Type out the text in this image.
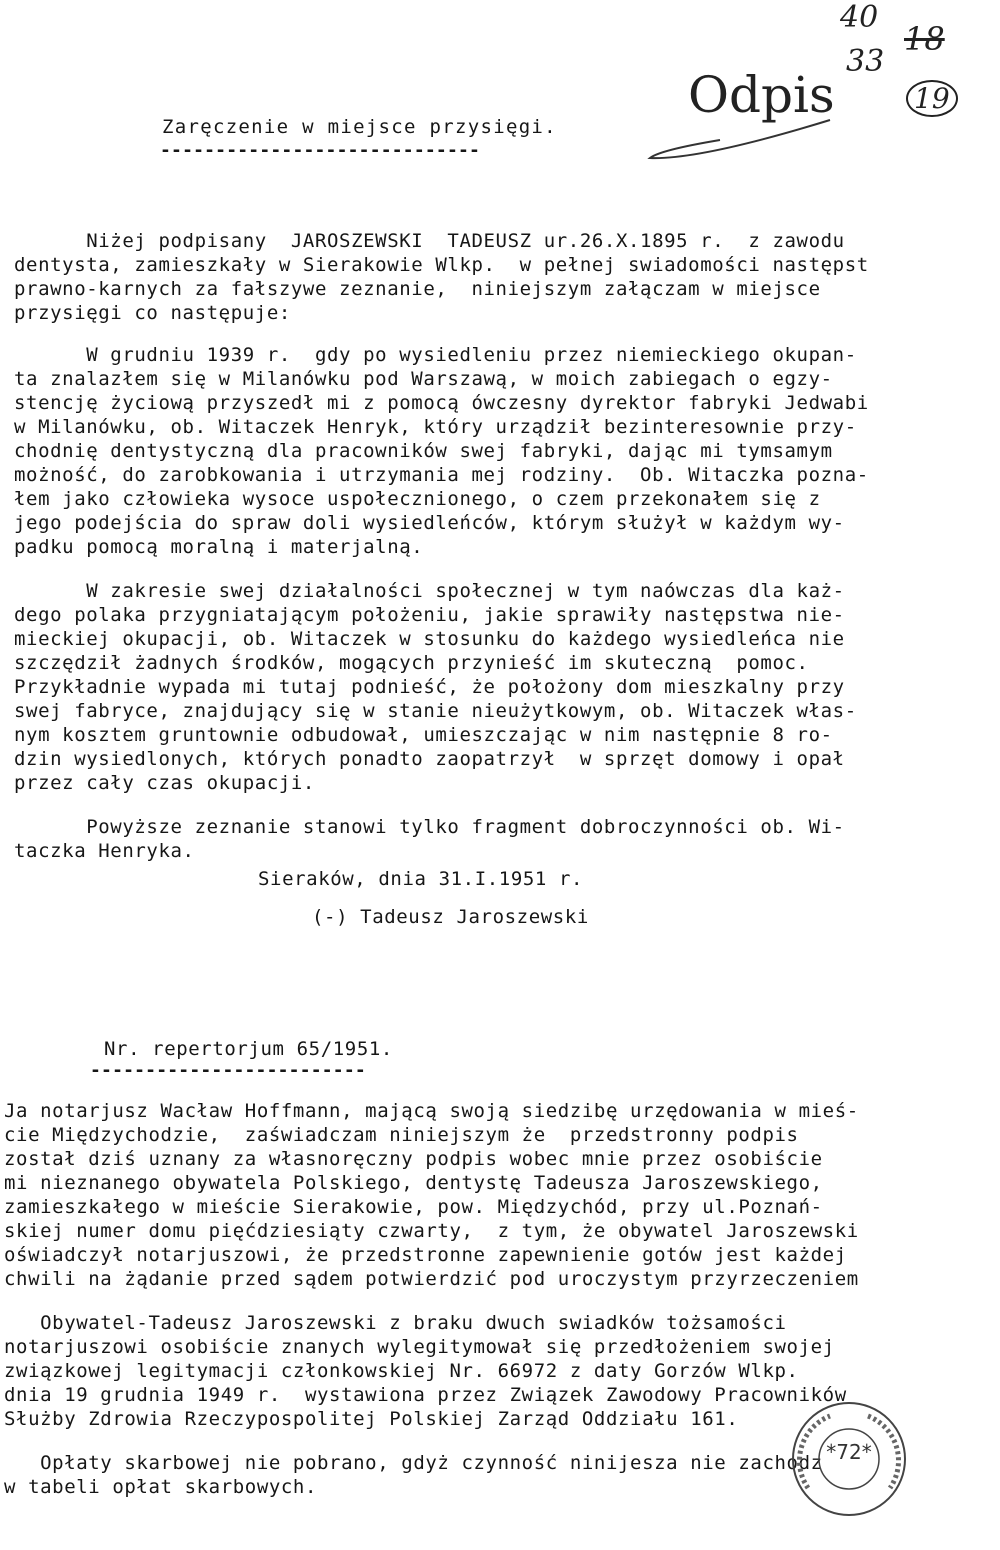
40
33
18
19
Odpis
Zaręczenie w miejsce przysięgi.
-----------------------------
Niżej podpisany  JAROSZEWSKI  TADEUSZ ur.26.X.1895 r.  z zawodu
dentysta, zamieszkały w Sierakowie Wlkp.  w pełnej swiadomości następst
prawno-karnych za fałszywe zeznanie,  niniejszym załączam w miejsce
przysięgi co następuje:
W grudniu 1939 r.  gdy po wysiedleniu przez niemieckiego okupan-
ta znalazłem się w Milanówku pod Warszawą, w moich zabiegach o egzy-
stencję życiową przyszedł mi z pomocą ówczesny dyrektor fabryki Jedwabi
w Milanówku, ob. Witaczek Henryk, który urządził bezinteresownie przy-
chodnię dentystyczną dla pracowników swej fabryki, dając mi tymsamym
możność, do zarobkowania i utrzymania mej rodziny.  Ob. Witaczka pozna-
łem jako człowieka wysoce uspołecznionego, o czem przekonałem się z
jego podejścia do spraw doli wysiedleńców, którym służył w każdym wy-
padku pomocą moralną i materjalną.
W zakresie swej działalności społecznej w tym naówczas dla każ-
dego polaka przygniatającym położeniu, jakie sprawiły następstwa nie-
mieckiej okupacji, ob. Witaczek w stosunku do każdego wysiedleńca nie
szczędził żadnych środków, mogących przynieść im skuteczną  pomoc.
Przykładnie wypada mi tutaj podnieść, że położony dom mieszkalny przy
swej fabryce, znajdujący się w stanie nieużytkowym, ob. Witaczek włas-
nym kosztem gruntownie odbudował, umieszczając w nim następnie 8 ro-
dzin wysiedlonych, których ponadto zaopatrzył  w sprzęt domowy i opał
przez cały czas okupacji.
Powyższe zeznanie stanowi tylko fragment dobroczynności ob. Wi-
taczka Henryka.
Sieraków, dnia 31.I.1951 r.
(-) Tadeusz Jaroszewski
Nr. repertorjum 65/1951.
-------------------------
Ja notarjusz Wacław Hoffmann, mającą swoją siedzibę urzędowania w mieś-
cie Międzychodzie,  zaświadczam niniejszym że  przedstronny podpis
został dziś uznany za własnoręczny podpis wobec mnie przez osobiście
mi nieznanego obywatela Polskiego, dentystę Tadeusza Jaroszewskiego,
zamieszkałego w mieście Sierakowie, pow. Międzychód, przy ul.Poznań-
skiej numer domu pięćdziesiąty czwarty,  z tym, że obywatel Jaroszewski
oświadczył notarjuszowi, że przedstronne zapewnienie gotów jest każdej
chwili na żądanie przed sądem potwierdzić pod uroczystym przyrzeczeniem
Obywatel-Tadeusz Jaroszewski z braku dwuch swiadków tożsamości
notarjuszowi osobiście znanych wylegitymował się przedłożeniem swojej
związkowej legitymacji członkowskiej Nr. 66972 z daty Gorzów Wlkp.
dnia 19 grudnia 1949 r.  wystawiona przez Związek Zawodowy Pracowników
Służby Zdrowia Rzeczypospolitej Polskiej Zarząd Oddziału 161.
Opłaty skarbowej nie pobrano, gdyż czynność ninijesza nie zachodz
w tabeli opłat skarbowych.
*72*
